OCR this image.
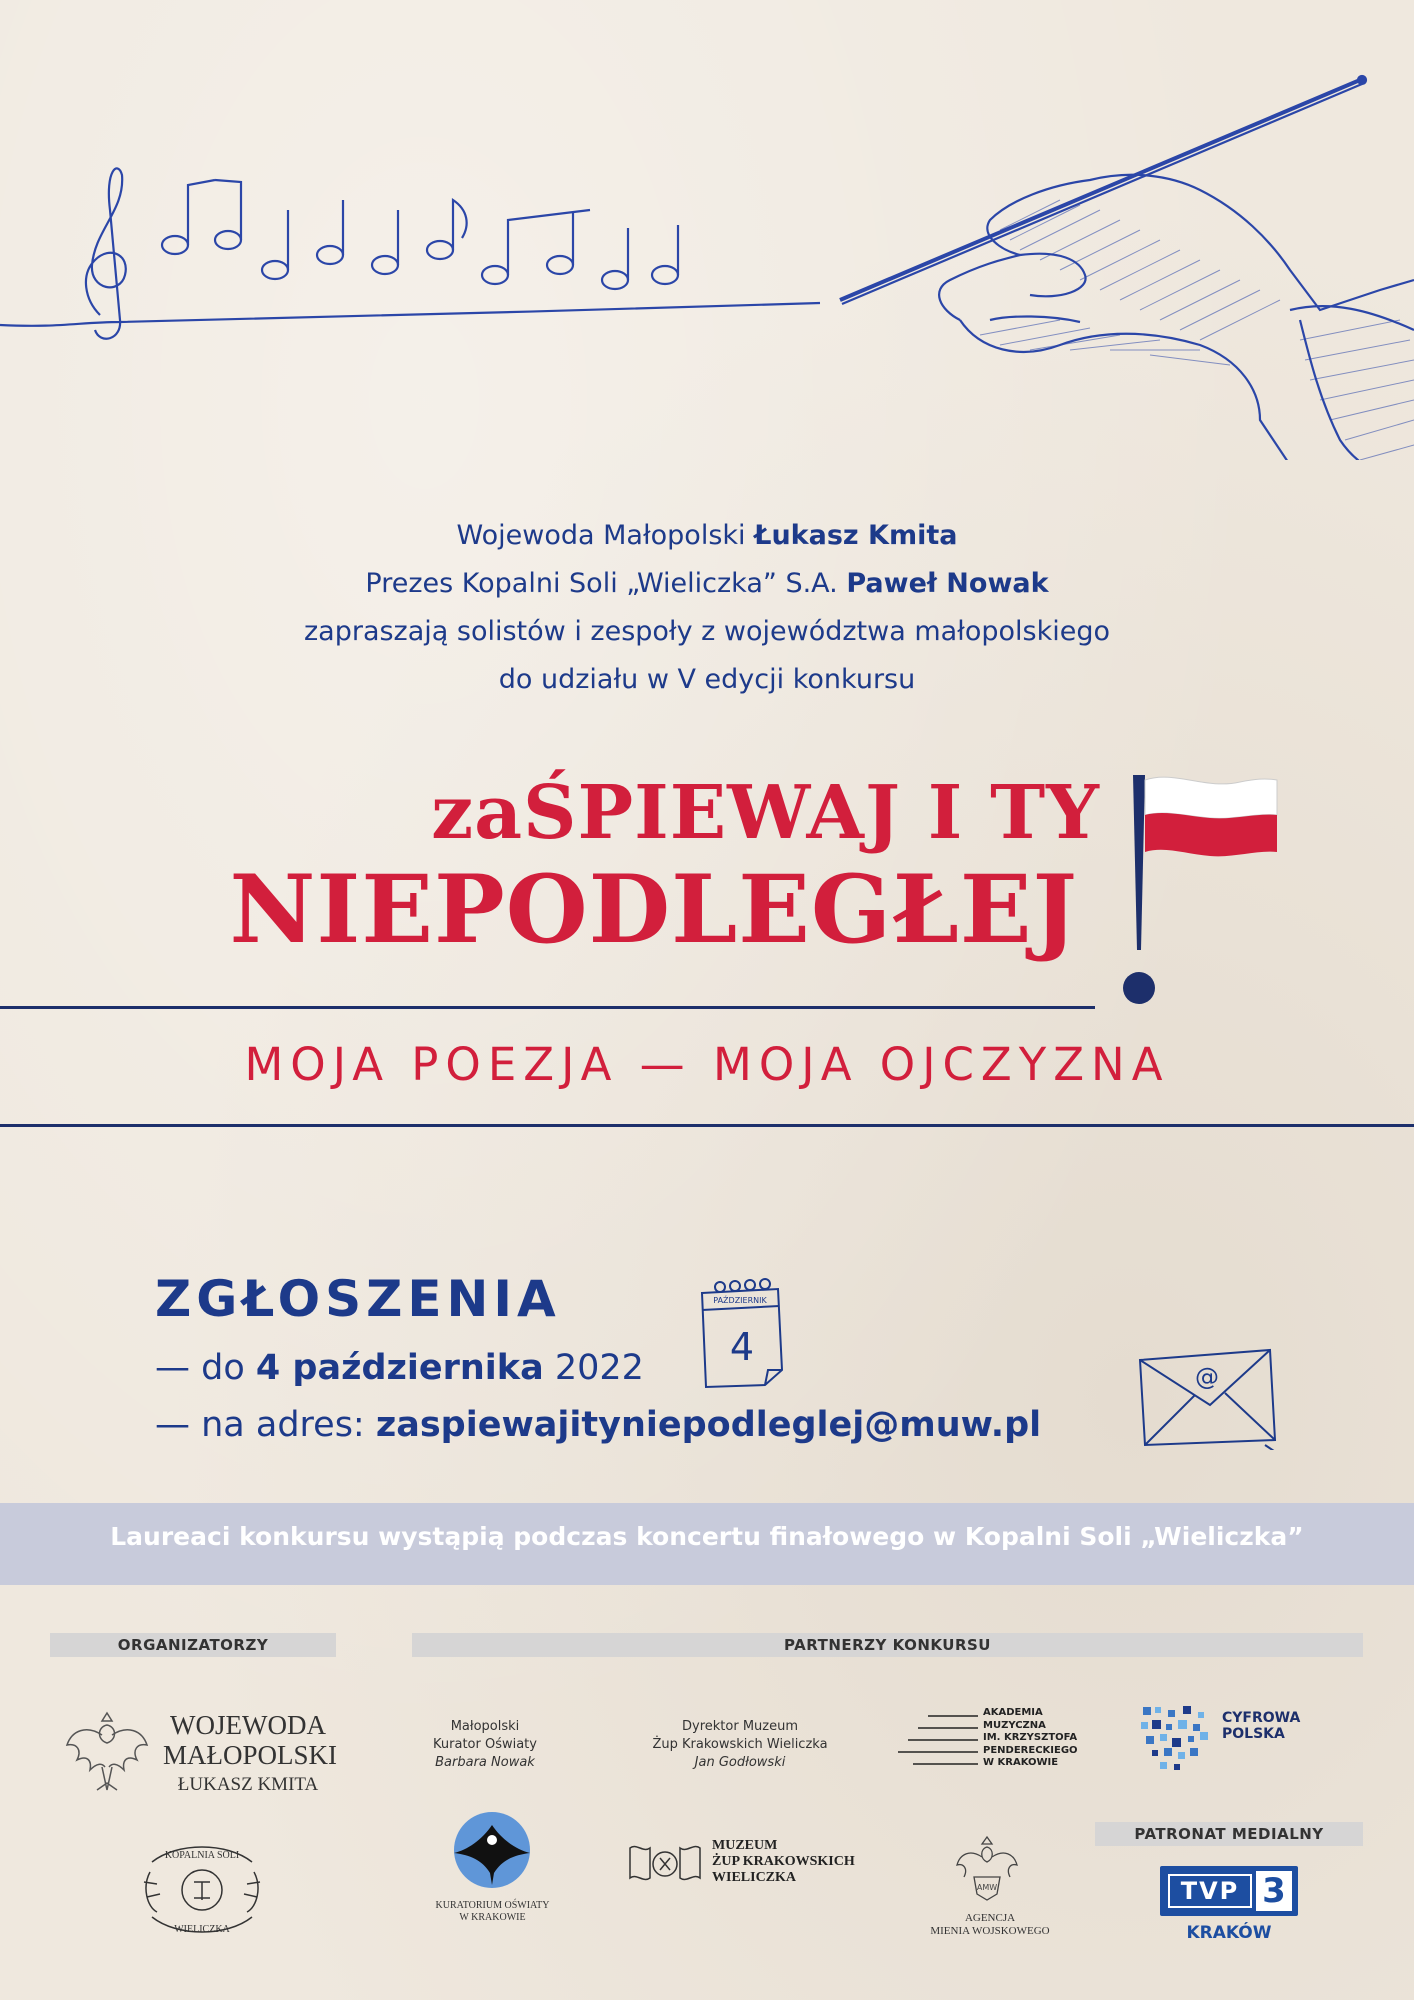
Wojewoda Małopolski Łukasz Kmita
Prezes Kopalni Soli „Wieliczka” S.A. Paweł Nowak
zapraszają solistów i zespoły z województwa małopolskiego
do udziału w V edycji konkursu
zaŚPIEWAJ I TY
NIEPODLEGŁEJ
MOJA POEZJA — MOJA OJCZYZNA
ZGŁOSZENIA
— do 4 października 2022
— na adres: zaspiewajityniepodleglej@muw.pl
PAŹDZIERNIK
4
@
Laureaci konkursu wystąpią podczas koncertu finałowego w Kopalni Soli „Wieliczka”
ORGANIZATORZY	PARTNERZY KONKURSU
WOJEWODA
MAŁOPOLSKI
ŁUKASZ KMITA
KOPALNIA SOLI
WIELICZKA
Małopolski
Kurator Oświaty
Barbara Nowak
Dyrektor Muzeum
Żup Krakowskich Wieliczka
Jan Godłowski
AKADEMIA
MUZYCZNA
IM. KRZYSZTOFA
PENDERECKIEGO
W KRAKOWIE
CYFROWA
POLSKA
PATRONAT MEDIALNY
KURATORIUM OŚWIATY
W KRAKOWIE
MUZEUM
ŻUP KRAKOWSKICH
WIELICZKA
AMW
AGENCJA
MIENIA WOJSKOWEGO
TVP 3
KRAKÓW
